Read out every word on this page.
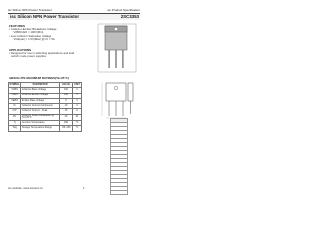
isc Silicon NPN Power Transistor	isc Product Specification
isc Silicon NPN Power Transistor	2SC3353
FEATURES
• Collector-Emitter Breakdown Voltage
: V(BR)CEO = 100V(Min)
• Low Collector Saturation Voltage
: VCE(sat) = 1.5V(Max) @ IC = 5A
APPLICATIONS
• Designed for use in switching applications and load
switch mode power supplies.
ABSOLUTE MAXIMUM RATINGS(Ta=25°C)
SYMBOL	PARAMETER	VALUE	UNIT
VCBO	Collector-Base Voltage	100	V
VCEO	Collector-Emitter Voltage	100	V
VEBO	Emitter-Base Voltage	5	V
IC	Collector Current-Continuous	10	A
ICP	Collector Current - Peak	15	A
PC	Collector Power Dissipation @ TC=25°C	40	W
Tj	Junction Temperature	150	°C
Tstg	Storage Temperature Range	-55~150	°C
isc website: www.iscsemi.cn	1
